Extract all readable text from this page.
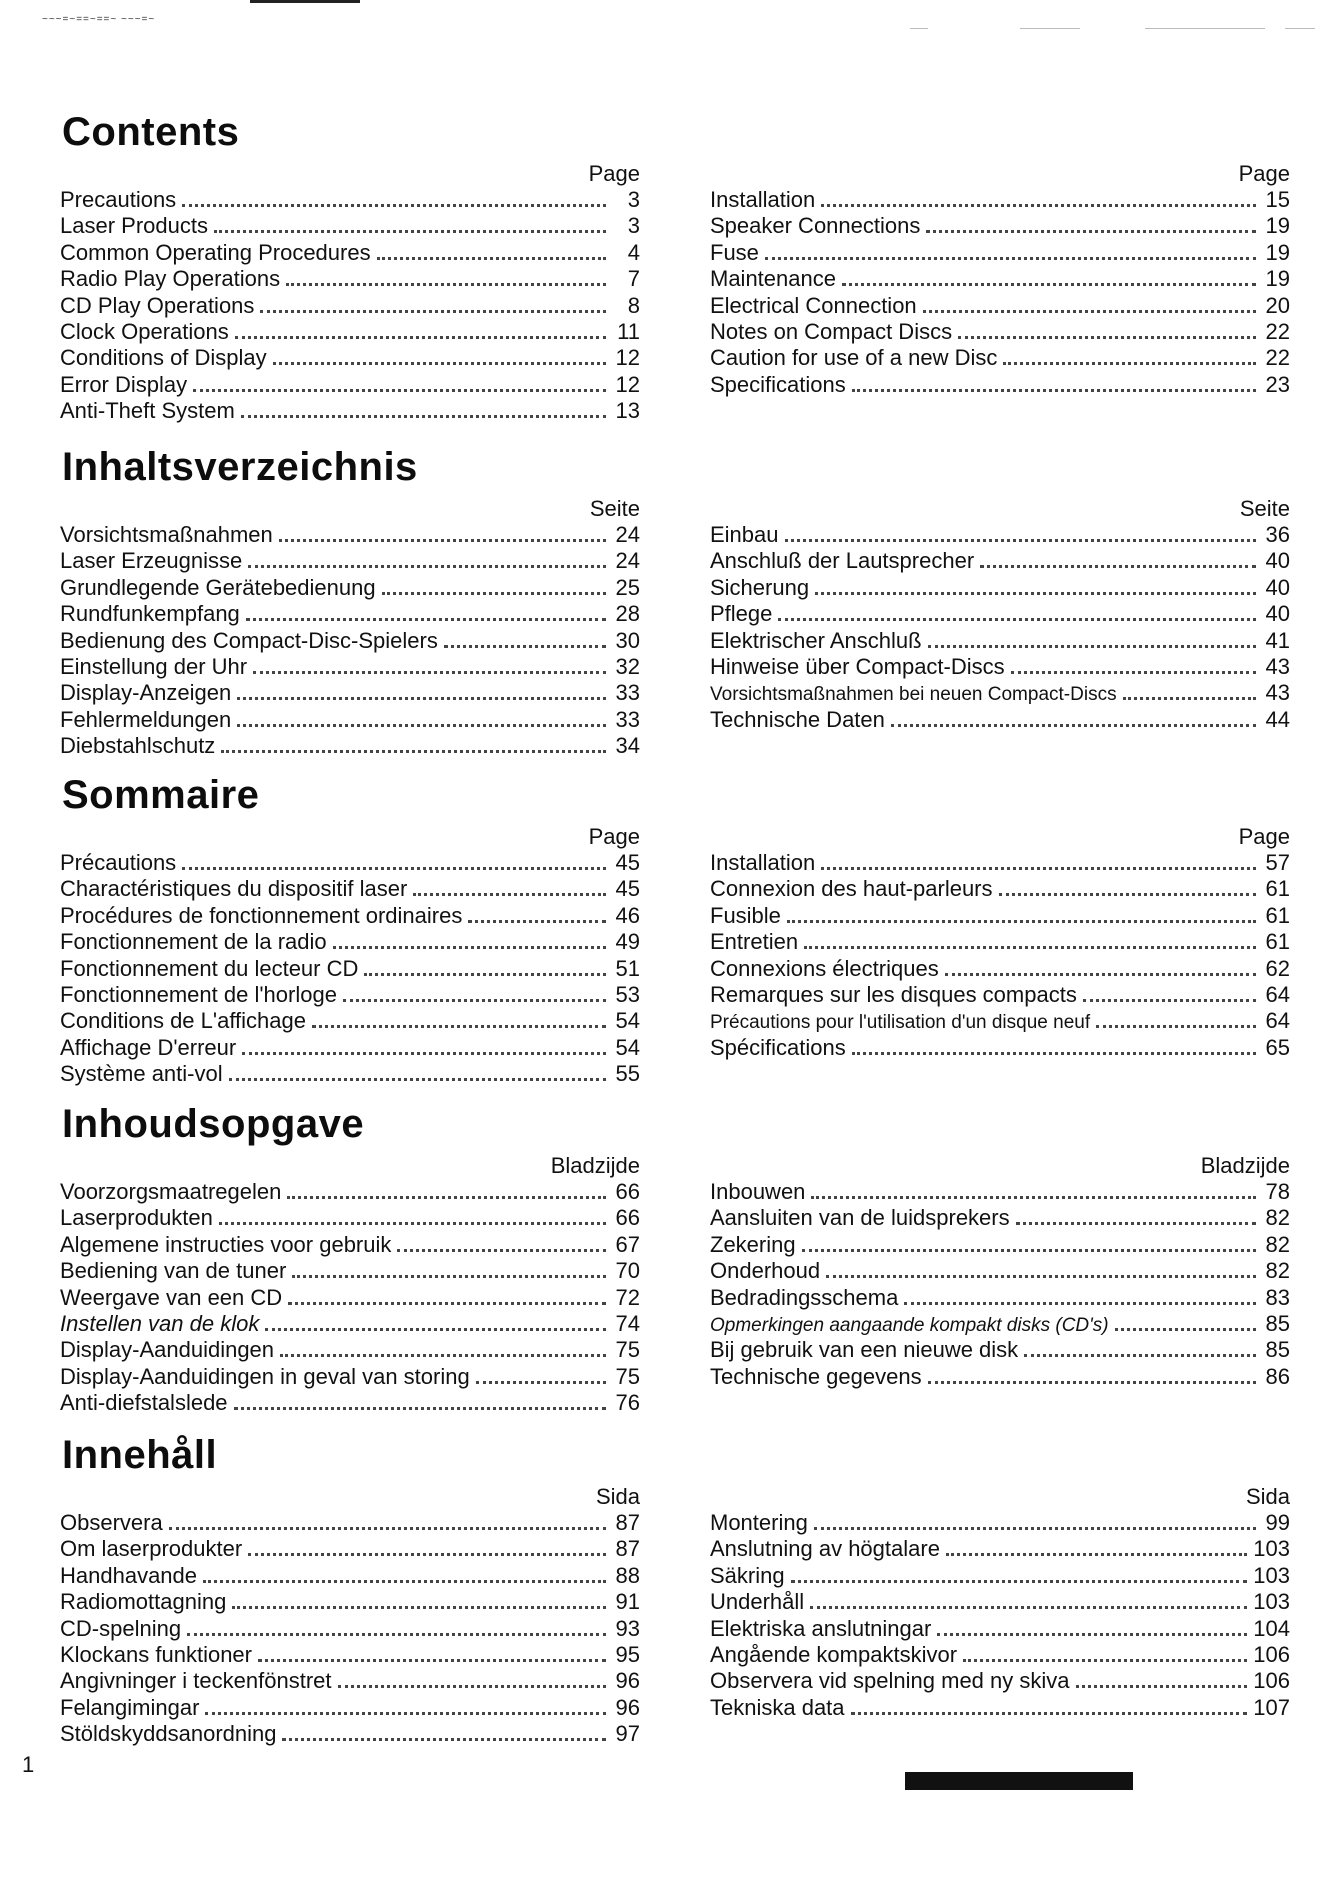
~~~=~==~==~ ~~~=~
Contents
Page
Precautions	3
Laser Products	3
Common Operating Procedures	4
Radio Play Operations	7
CD Play Operations	8
Clock Operations	11
Conditions of Display	12
Error Display	12
Anti-Theft System	13
Page
Installation	15
Speaker Connections	19
Fuse	19
Maintenance	19
Electrical Connection	20
Notes on Compact Discs	22
Caution for use of a new Disc	22
Specifications	23
Inhaltsverzeichnis
Seite
Vorsichtsmaßnahmen	24
Laser Erzeugnisse	24
Grundlegende Gerätebedienung	25
Rundfunkempfang	28
Bedienung des Compact-Disc-Spielers	30
Einstellung der Uhr	32
Display-Anzeigen	33
Fehlermeldungen	33
Diebstahlschutz	34
Seite
Einbau	36
Anschluß der Lautsprecher	40
Sicherung	40
Pflege	40
Elektrischer Anschluß	41
Hinweise über Compact-Discs	43
Vorsichtsmaßnahmen bei neuen Compact-Discs	43
Technische Daten	44
Sommaire
Page
Précautions	45
Charactéristiques du dispositif laser	45
Procédures de fonctionnement ordinaires	46
Fonctionnement de la radio	49
Fonctionnement du lecteur CD	51
Fonctionnement de l'horloge	53
Conditions de L'affichage	54
Affichage D'erreur	54
Système anti-vol	55
Page
Installation	57
Connexion des haut-parleurs	61
Fusible	61
Entretien	61
Connexions électriques	62
Remarques sur les disques compacts	64
Précautions pour l'utilisation d'un disque neuf	64
Spécifications	65
Inhoudsopgave
Bladzijde
Voorzorgsmaatregelen	66
Laserprodukten	66
Algemene instructies voor gebruik	67
Bediening van de tuner	70
Weergave van een CD	72
Instellen van de klok	74
Display-Aanduidingen	75
Display-Aanduidingen in geval van storing	75
Anti-diefstalslede	76
Bladzijde
Inbouwen	78
Aansluiten van de luidsprekers	82
Zekering	82
Onderhoud	82
Bedradingsschema	83
Opmerkingen aangaande kompakt disks (CD's)	85
Bij gebruik van een nieuwe disk	85
Technische gegevens	86
Innehåll
Sida
Observera	87
Om laserprodukter	87
Handhavande	88
Radiomottagning	91
CD-spelning	93
Klockans funktioner	95
Angivninger i teckenfönstret	96
Felangimingar	96
Stöldskyddsanordning	97
Sida
Montering	99
Anslutning av högtalare	103
Säkring	103
Underhåll	103
Elektriska anslutningar	104
Angående kompaktskivor	106
Observera vid spelning med ny skiva	106
Tekniska data	107
1
